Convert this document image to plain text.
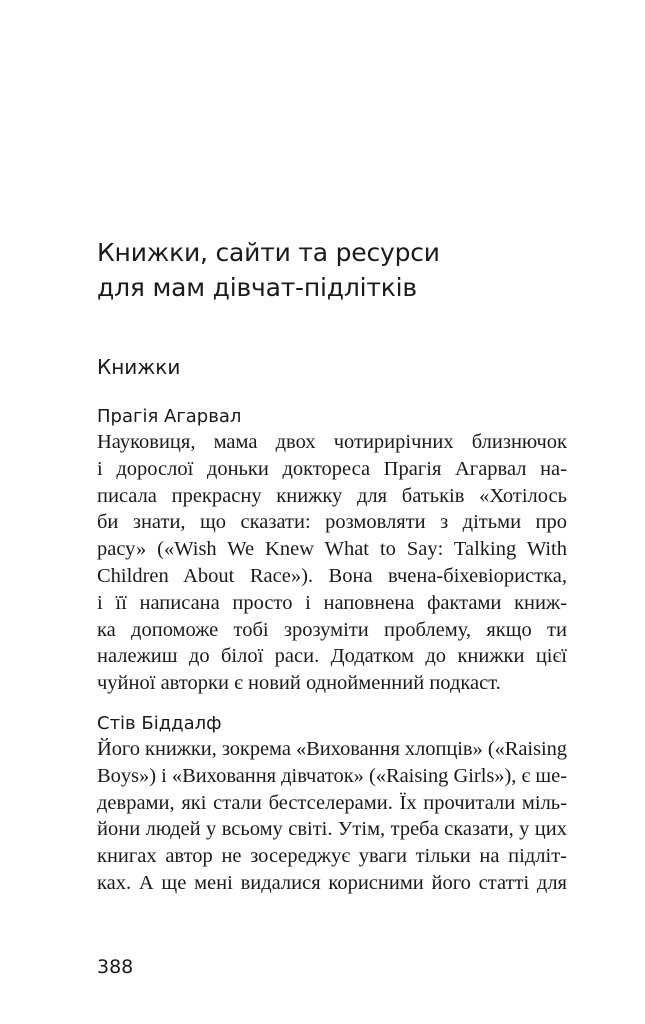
Книжки, сайти та ресурси
для мам дівчат-підлітків
Книжки
Прагія Агарвал
Науковиця, мама двох чотирирічних близнючок
і дорослої доньки доктореса Прагія Агарвал на-
писала прекрасну книжку для батьків «Хотілось
би знати, що сказати: розмовляти з дітьми про
расу» («Wish We Knew What to Say: Talking With
Children About Race»). Вона вчена-біхевіористка,
і її написана просто і наповнена фактами книж-
ка допоможе тобі зрозуміти проблему, якщо ти
належиш до білої раси. Додатком до книжки цієї
чуйної авторки є новий однойменний подкаст.
Стів Біддалф
Його книжки, зокрема «Виховання хлопців» («Raising
Boys») і «Виховання дівчаток» («Raising Girls»), є ше-
деврами, які стали бестселерами. Їх прочитали міль-
йони людей у всьому світі. Утім, треба сказати, у цих
книгах автор не зосереджує уваги тільки на підліт-
ках. А ще мені видалися корисними його статті для
388
